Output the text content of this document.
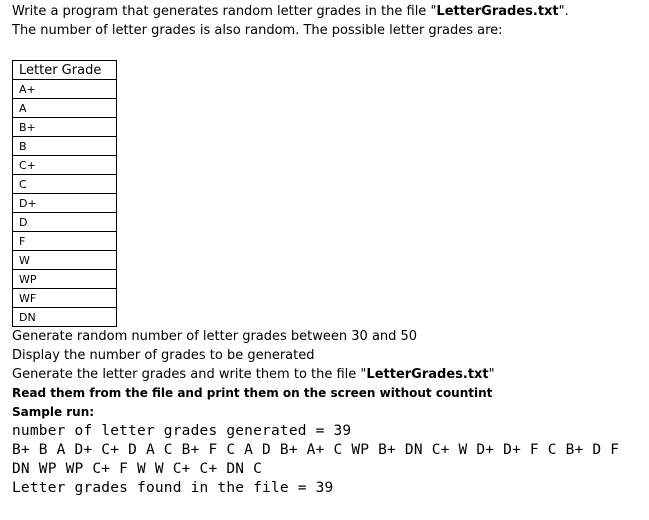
Write a program that generates random letter grades in the file "LetterGrades.txt".
The number of letter grades is also random. The possible letter grades are:
Letter Grade
A+
A
B+
B
C+
C
D+
D
F
W
WP
WF
DN
Generate random number of letter grades between 30 and 50
Display the number of grades to be generated
Generate the letter grades and write them to the file "LetterGrades.txt"
Read them from the file and print them on the screen without countint
Sample run:
number of letter grades generated = 39
B+ B A D+ C+ D A C B+ F C A D B+ A+ C WP B+ DN C+ W D+ D+ F C B+ D F
DN WP WP C+ F W W C+ C+ DN C
Letter grades found in the file = 39
